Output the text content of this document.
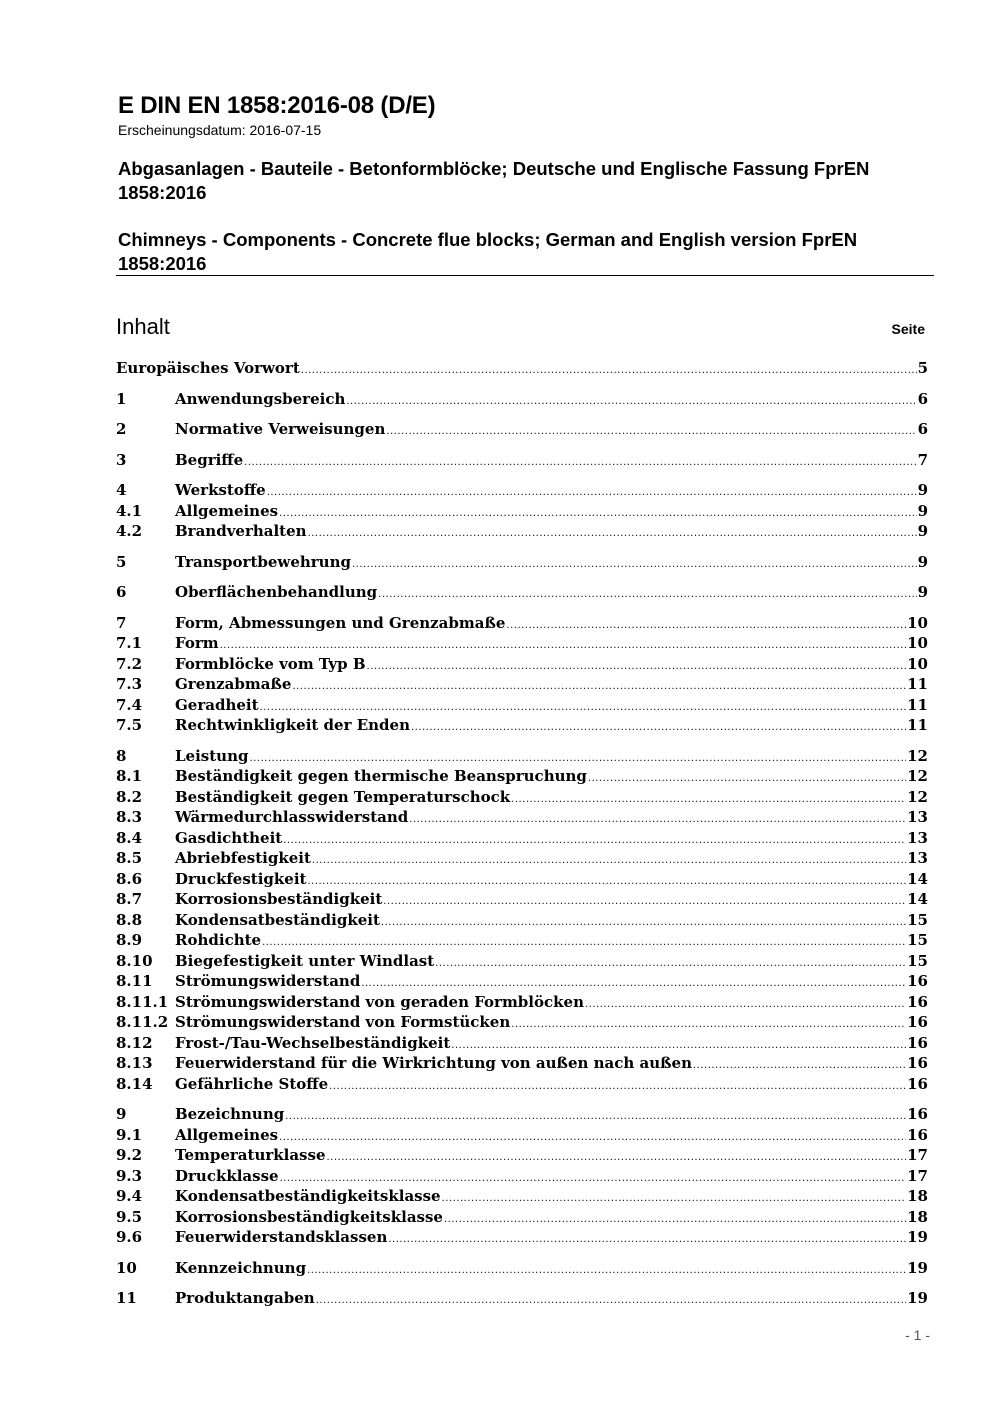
E DIN EN 1858:2016-08 (D/E)
Erscheinungsdatum: 2016-07-15
Abgasanlagen - Bauteile - Betonformblöcke; Deutsche und Englische Fassung FprEN 1858:2016
Chimneys - Components - Concrete flue blocks; German and English version FprEN 1858:2016
Inhalt	Seite
Europäisches Vorwort .....	5
1	Anwendungsbereich .....	6
2	Normative Verweisungen .....	6
3	Begriffe .....	7
4	Werkstoffe .....	9
4.1	Allgemeines .....	9
4.2	Brandverhalten .....	9
5	Transportbewehrung .....	9
6	Oberflächenbehandlung .....	9
7	Form, Abmessungen und Grenzabmaße .....	10
7.1	Form .....	10
7.2	Formblöcke vom Typ B .....	10
7.3	Grenzabmaße .....	11
7.4	Geradheit .....	11
7.5	Rechtwinkligkeit der Enden .....	11
8	Leistung .....	12
8.1	Beständigkeit gegen thermische Beanspruchung .....	12
8.2	Beständigkeit gegen Temperaturschock .....	12
8.3	Wärmedurchlasswiderstand .....	13
8.4	Gasdichtheit .....	13
8.5	Abriebfestigkeit .....	13
8.6	Druckfestigkeit .....	14
8.7	Korrosionsbeständigkeit .....	14
8.8	Kondensatbeständigkeit .....	15
8.9	Rohdichte .....	15
8.10	Biegefestigkeit unter Windlast .....	15
8.11	Strömungswiderstand .....	16
8.11.1 Strömungswiderstand von geraden Formblöcken .....	16
8.11.2 Strömungswiderstand von Formstücken .....	16
8.12	Frost-/Tau-Wechselbeständigkeit .....	16
8.13	Feuerwiderstand für die Wirkrichtung von außen nach außen .....	16
8.14	Gefährliche Stoffe .....	16
9	Bezeichnung .....	16
9.1	Allgemeines .....	16
9.2	Temperaturklasse .....	17
9.3	Druckklasse .....	17
9.4	Kondensatbeständigkeitsklasse .....	18
9.5	Korrosionsbeständigkeitsklasse .....	18
9.6	Feuerwiderstandsklassen .....	19
10	Kennzeichnung .....	19
11	Produktangaben .....	19
- 1 -
